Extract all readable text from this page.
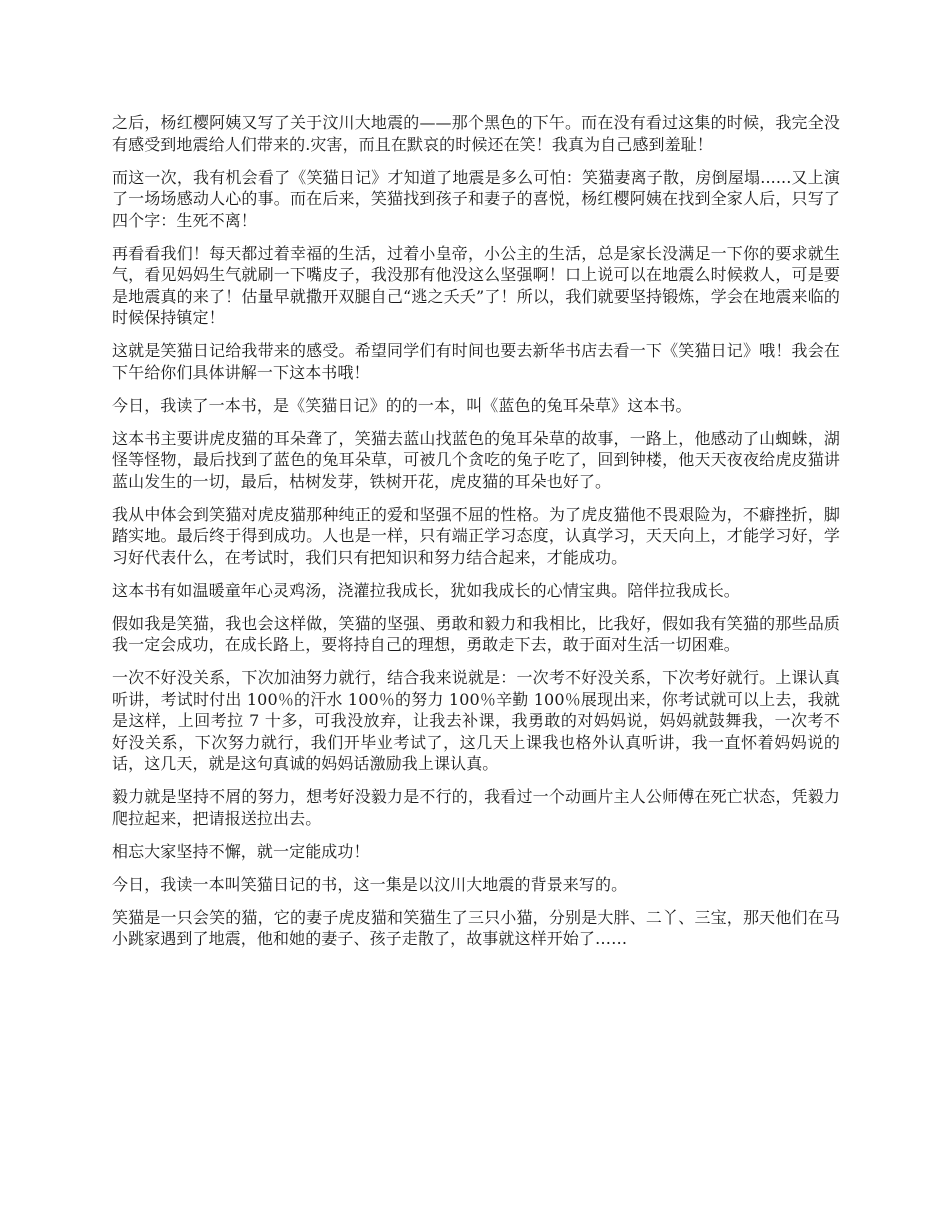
之后，杨红樱阿姨又写了关于汶川大地震的——那个黑色的下午。而在没有看过这集的时候，我完全没有感受到地震给人们带来的.灾害，而且在默哀的时候还在笑！我真为自己感到羞耻！

而这一次，我有机会看了《笑猫日记》才知道了地震是多么可怕：笑猫妻离子散，房倒屋塌......又上演了一场场感动人心的事。而在后来，笑猫找到孩子和妻子的喜悦，杨红樱阿姨在找到全家人后，只写了四个字：生死不离！

再看看我们！每天都过着幸福的生活，过着小皇帝，小公主的生活，总是家长没满足一下你的要求就生气，看见妈妈生气就刷一下嘴皮子，我没那有他没这么坚强啊！口上说可以在地震么时候救人，可是要是地震真的来了！估量早就撒开双腿自己“逃之夭夭”了！所以，我们就要坚持锻炼，学会在地震来临的时候保持镇定！

这就是笑猫日记给我带来的感受。希望同学们有时间也要去新华书店去看一下《笑猫日记》哦！我会在下午给你们具体讲解一下这本书哦！

今日，我读了一本书，是《笑猫日记》的的一本，叫《蓝色的兔耳朵草》这本书。

这本书主要讲虎皮猫的耳朵聋了，笑猫去蓝山找蓝色的兔耳朵草的故事，一路上，他感动了山蜘蛛，湖怪等怪物，最后找到了蓝色的兔耳朵草，可被几个贪吃的兔子吃了，回到钟楼，他天天夜夜给虎皮猫讲蓝山发生的一切，最后，枯树发芽，铁树开花，虎皮猫的耳朵也好了。

我从中体会到笑猫对虎皮猫那种纯正的爱和坚强不屈的性格。为了虎皮猫他不畏艰险为，不癖挫折，脚踏实地。最后终于得到成功。人也是一样，只有端正学习态度，认真学习，天天向上，才能学习好，学习好代表什么，在考试时，我们只有把知识和努力结合起来，才能成功。

这本书有如温暖童年心灵鸡汤，浇灌拉我成长，犹如我成长的心情宝典。陪伴拉我成长。

假如我是笑猫，我也会这样做，笑猫的坚强、勇敢和毅力和我相比，比我好，假如我有笑猫的那些品质我一定会成功，在成长路上，要将持自己的理想，勇敢走下去，敢于面对生活一切困难。

一次不好没关系，下次加油努力就行，结合我来说就是：一次考不好没关系，下次考好就行。上课认真听讲，考试时付出 100％的汗水 100％的努力 100％辛勤 100％展现出来，你考试就可以上去，我就是这样，上回考拉 7 十多，可我没放弃，让我去补课，我勇敢的对妈妈说，妈妈就鼓舞我，一次考不好没关系，下次努力就行，我们开毕业考试了，这几天上课我也格外认真听讲，我一直怀着妈妈说的话，这几天，就是这句真诚的妈妈话激励我上课认真。

毅力就是坚持不屑的努力，想考好没毅力是不行的，我看过一个动画片主人公师傅在死亡状态，凭毅力爬拉起来，把请报送拉出去。

相忘大家坚持不懈，就一定能成功！

今日，我读一本叫笑猫日记的书，这一集是以汶川大地震的背景来写的。

笑猫是一只会笑的猫，它的妻子虎皮猫和笑猫生了三只小猫，分别是大胖、二丫、三宝，那天他们在马小跳家遇到了地震，他和她的妻子、孩子走散了，故事就这样开始了……
